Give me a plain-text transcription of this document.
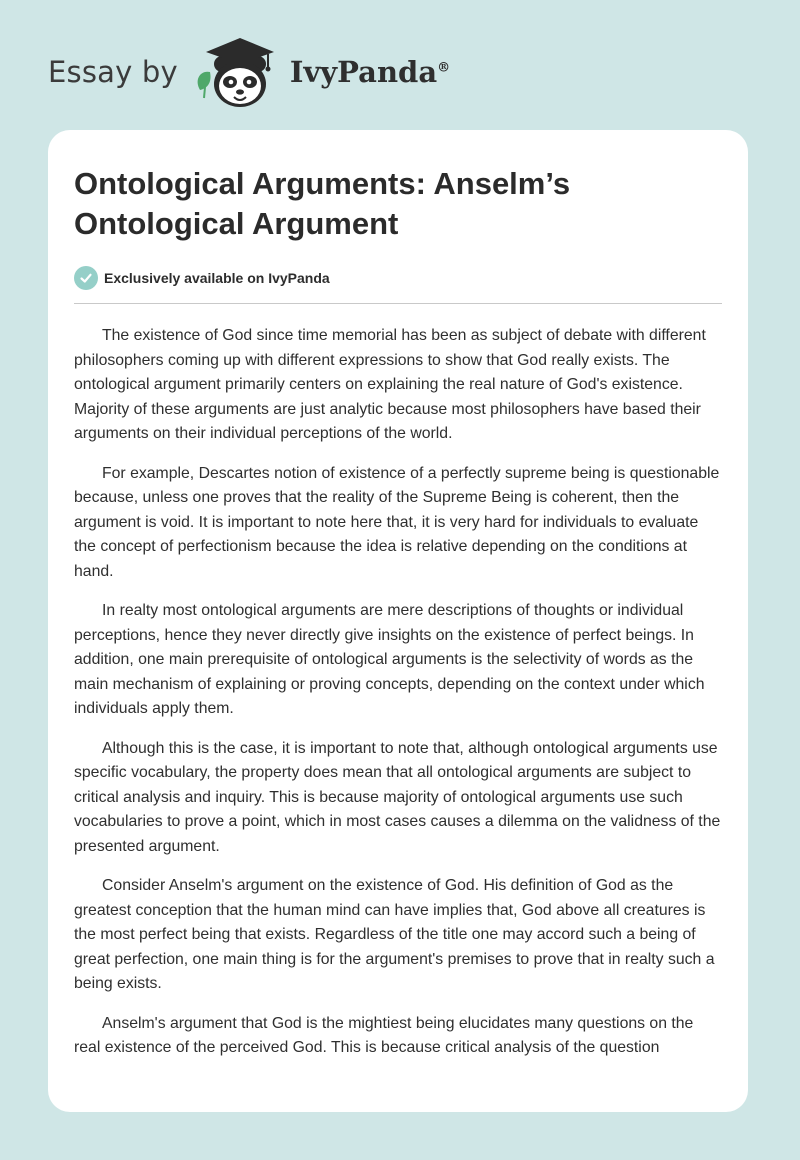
Essay by	IvyPanda®
Ontological Arguments: Anselm’s Ontological Argument
Exclusively available on IvyPanda

The existence of God since time memorial has been as subject of debate with different philosophers coming up with different expressions to show that God really exists. The ontological argument primarily centers on explaining the real nature of God's existence. Majority of these arguments are just analytic because most philosophers have based their arguments on their individual perceptions of the world.

For example, Descartes notion of existence of a perfectly supreme being is questionable because, unless one proves that the reality of the Supreme Being is coherent, then the argument is void. It is important to note here that, it is very hard for individuals to evaluate the concept of perfectionism because the idea is relative depending on the conditions at hand.

In realty most ontological arguments are mere descriptions of thoughts or individual perceptions, hence they never directly give insights on the existence of perfect beings. In addition, one main prerequisite of ontological arguments is the selectivity of words as the main mechanism of explaining or proving concepts, depending on the context under which individuals apply them.

Although this is the case, it is important to note that, although ontological arguments use specific vocabulary, the property does mean that all ontological arguments are subject to critical analysis and inquiry. This is because majority of ontological arguments use such vocabularies to prove a point, which in most cases causes a dilemma on the validness of the presented argument.

Consider Anselm's argument on the existence of God. His definition of God as the greatest conception that the human mind can have implies that, God above all creatures is the most perfect being that exists. Regardless of the title one may accord such a being of great perfection, one main thing is for the argument's premises to prove that in realty such a being exists.

Anselm's argument that God is the mightiest being elucidates many questions on the real existence of the perceived God. This is because critical analysis of the question
